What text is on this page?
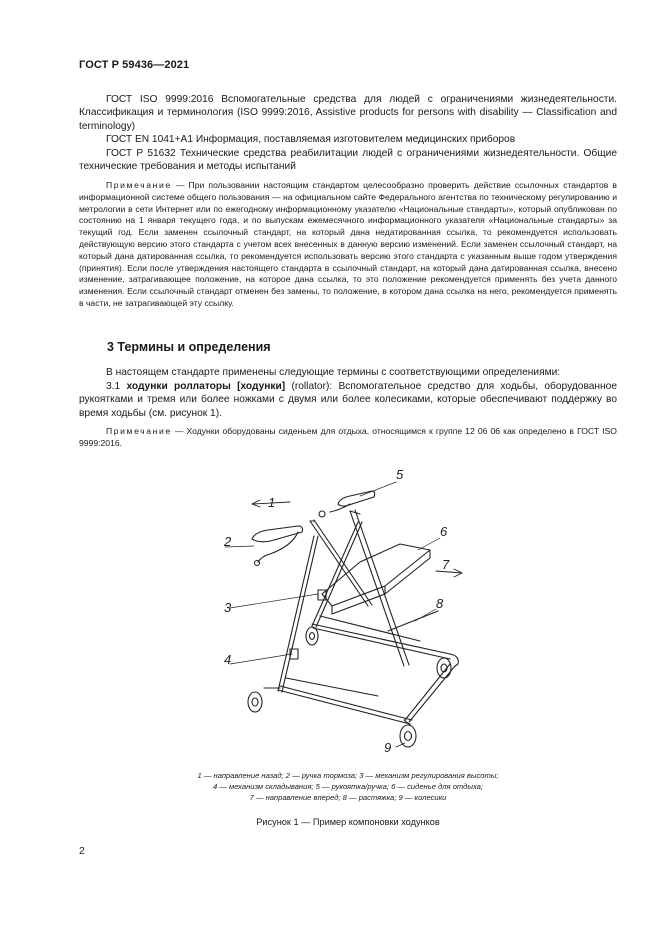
ГОСТ Р 59436—2021
ГОСТ ISO 9999:2016 Вспомогательные средства для людей с ограничениями жизнедеятельности. Классификация и терминология (ISO 9999:2016, Assistive products for persons with disability — Classification and terminology)
ГОСТ EN 1041+A1 Информация, поставляемая изготовителем медицинских приборов
ГОСТ Р 51632 Технические средства реабилитации людей с ограничениями жизнедеятельности. Общие технические требования и методы испытаний
Примечание — При пользовании настоящим стандартом целесообразно проверить действие ссылочных стандартов в информационной системе общего пользования — на официальном сайте Федерального агентства по техническому регулированию и метрологии в сети Интернет или по ежегодному информационному указателю «Национальные стандарты», который опубликован по состоянию на 1 января текущего года, и по выпускам ежемесячного информационного указателя «Национальные стандарты» за текущий год. Если заменен ссылочный стандарт, на который дана недатированная ссылка, то рекомендуется использовать действующую версию этого стандарта с учетом всех внесенных в данную версию изменений. Если заменен ссылочный стандарт, на который дана датированная ссылка, то рекомендуется использовать версию этого стандарта с указанным выше годом утверждения (принятия). Если после утверждения настоящего стандарта в ссылочный стандарт, на который дана датированная ссылка, внесено изменение, затрагивающее положение, на которое дана ссылка, то это положение рекомендуется применять без учета данного изменения. Если ссылочный стандарт отменен без замены, то положение, в котором дана ссылка на него, рекомендуется применять в части, не затрагивающей эту ссылку.
3 Термины и определения
В настоящем стандарте применены следующие термины с соответствующими определениями:
3.1 ходунки роллаторы [ходунки] (rollator): Вспомогательное средство для ходьбы, оборудованное рукоятками и тремя или более ножками с двумя или более колесиками, которые обеспечивают поддержку во время ходьбы (см. рисунок 1).
Примечание — Ходунки оборудованы сиденьем для отдыха, относящимся к группе 12 06 06 как определено в ГОСТ ISO 9999:2016.
1
2
3
4
5
6
7
8
9
1 — направление назад; 2 — ручка тормоза; 3 — механизм регулирования высоты;
4 — механизм складывания; 5 — рукоятка/ручка; 6 — сиденье для отдыха;
7 — направление вперед; 8 — растяжка; 9 — колесики
Рисунок 1 — Пример компоновки ходунков
2
